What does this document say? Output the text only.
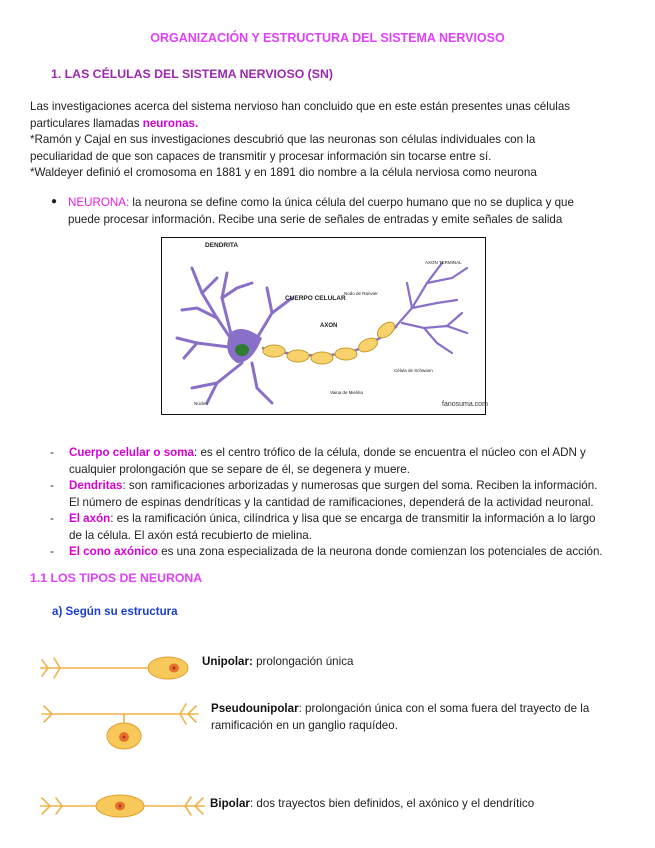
ORGANIZACIÓN Y ESTRUCTURA DEL SISTEMA NERVIOSO
1. LAS CÉLULAS DEL SISTEMA NERVIOSO (SN)
Las investigaciones acerca del sistema nervioso han concluido que en este están presentes unas células
particulares llamadas neuronas.
*Ramón y Cajal en sus investigaciones descubrió que las neuronas son células individuales con la
peculiaridad de que son capaces de transmitir y procesar información sin tocarse entre sí.
*Waldeyer definió el cromosoma en 1881 y en 1891 dio nombre a la célula nerviosa como neurona
● NEURONA: la neurona se define como la única célula del cuerpo humano que no se duplica y que
puede procesar información. Recibe una serie de señales de entradas y emite señales de salida
DENDRITA
AXON TERMINAL
Nodo de Ranvier
CUERPO CELULAR
AXON
Célula de Schwann
Vaina de Mielina
Núcleo	fanosuma.com
- Cuerpo celular o soma: es el centro trófico de la célula, donde se encuentra el núcleo con el ADN y
cualquier prolongación que se separe de él, se degenera y muere.
- Dendritas: son ramificaciones arborizadas y numerosas que surgen del soma. Reciben la información.
El número de espinas dendríticas y la cantidad de ramificaciones, dependerá de la actividad neuronal.
- El axón: es la ramificación única, cilíndrica y lisa que se encarga de transmitir la información a lo largo
de la célula. El axón está recubierto de mielina.
- El cono axónico es una zona especializada de la neurona donde comienzan los potenciales de acción.
1.1 LOS TIPOS DE NEURONA
a) Según su estructura
Unipolar: prolongación única
Pseudounipolar: prolongación única con el soma fuera del trayecto de la
ramificación en un ganglio raquídeo.
Bipolar: dos trayectos bien definidos, el axónico y el dendrítico
